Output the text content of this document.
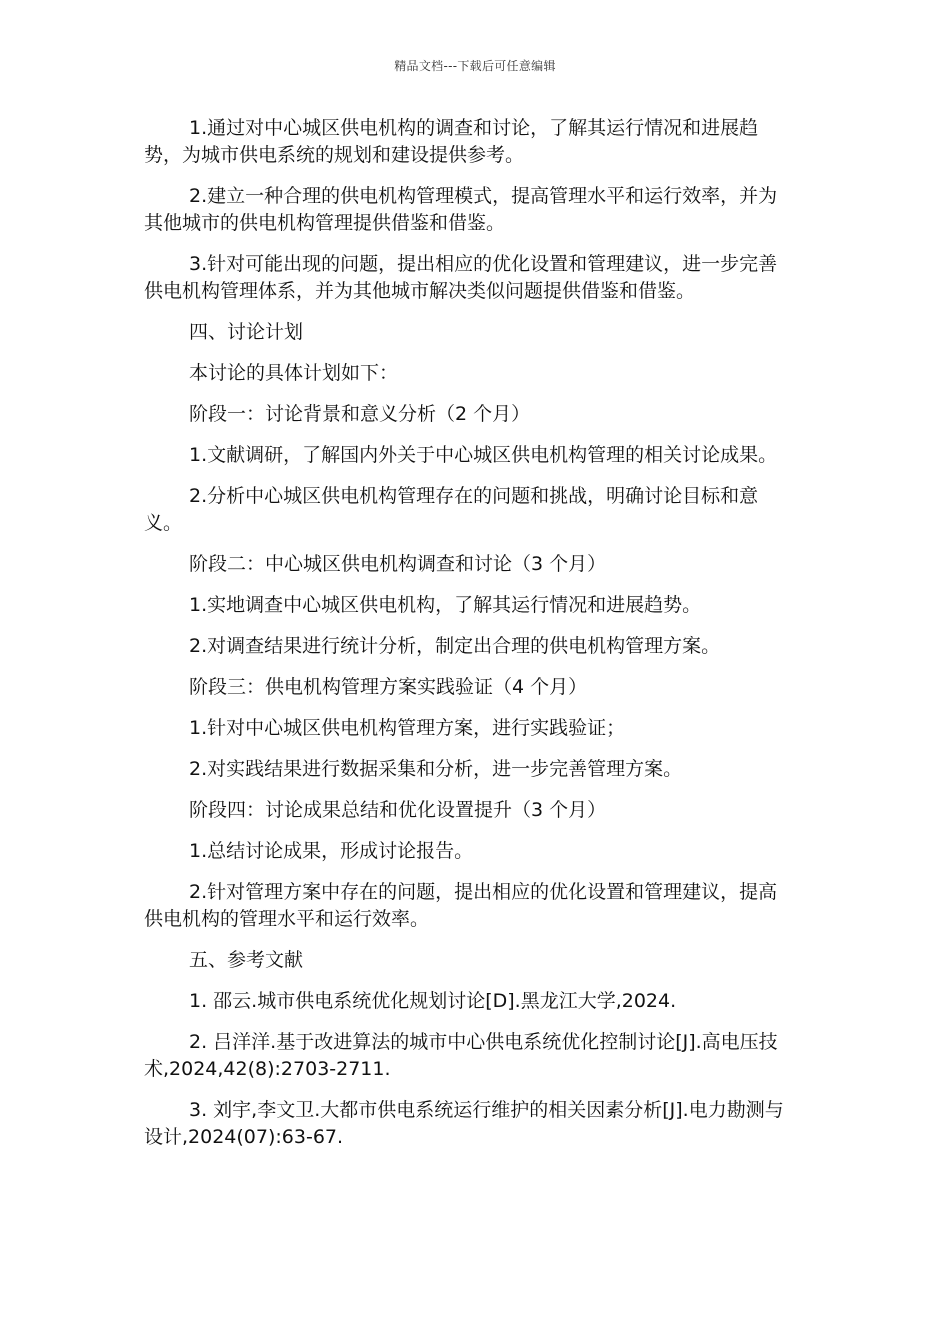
精品文档---下载后可任意编辑

1.通过对中心城区供电机构的调查和讨论，了解其运行情况和进展趋势，为城市供电系统的规划和建设提供参考。

2.建立一种合理的供电机构管理模式，提高管理水平和运行效率，并为其他城市的供电机构管理提供借鉴和借鉴。

3.针对可能出现的问题，提出相应的优化设置和管理建议，进一步完善供电机构管理体系，并为其他城市解决类似问题提供借鉴和借鉴。

四、讨论计划

本讨论的具体计划如下：

阶段一：讨论背景和意义分析（2 个月）

1.文献调研，了解国内外关于中心城区供电机构管理的相关讨论成果。

2.分析中心城区供电机构管理存在的问题和挑战，明确讨论目标和意义。

阶段二：中心城区供电机构调查和讨论（3 个月）

1.实地调查中心城区供电机构，了解其运行情况和进展趋势。

2.对调查结果进行统计分析，制定出合理的供电机构管理方案。

阶段三：供电机构管理方案实践验证（4 个月）

1.针对中心城区供电机构管理方案，进行实践验证；

2.对实践结果进行数据采集和分析，进一步完善管理方案。

阶段四：讨论成果总结和优化设置提升（3 个月）

1.总结讨论成果，形成讨论报告。

2.针对管理方案中存在的问题，提出相应的优化设置和管理建议，提高供电机构的管理水平和运行效率。

五、参考文献

1. 邵云.城市供电系统优化规划讨论[D].黑龙江大学,2024.

2. 吕洋洋.基于改进算法的城市中心供电系统优化控制讨论[J].高电压技术,2024,42(8):2703-2711.

3. 刘宇,李文卫.大都市供电系统运行维护的相关因素分析[J].电力勘测与设计,2024(07):63-67.
